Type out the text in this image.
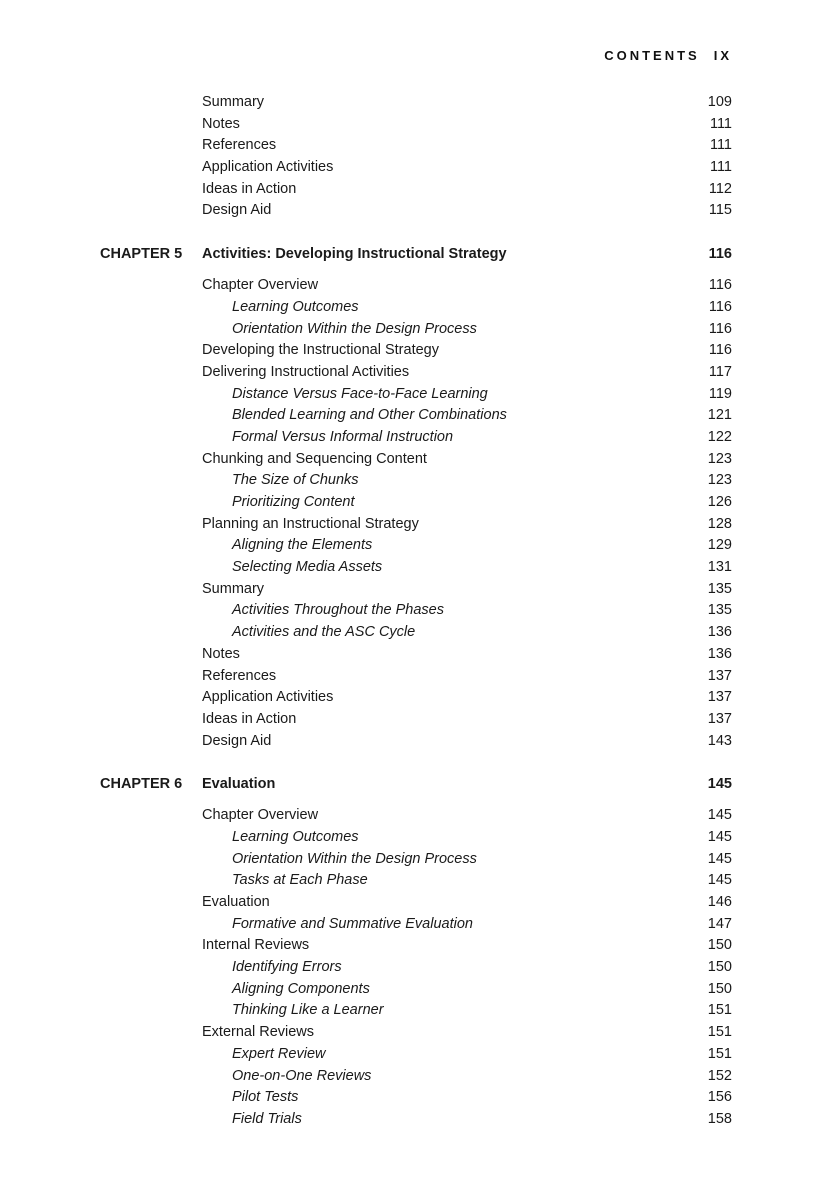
CONTENTS IX
Summary	109
Notes	111
References	111
Application Activities	111
Ideas in Action	112
Design Aid	115
CHAPTER 5 Activities: Developing Instructional Strategy	116
Chapter Overview	116
Learning Outcomes	116
Orientation Within the Design Process	116
Developing the Instructional Strategy	116
Delivering Instructional Activities	117
Distance Versus Face-to-Face Learning	119
Blended Learning and Other Combinations	121
Formal Versus Informal Instruction	122
Chunking and Sequencing Content	123
The Size of Chunks	123
Prioritizing Content	126
Planning an Instructional Strategy	128
Aligning the Elements	129
Selecting Media Assets	131
Summary	135
Activities Throughout the Phases	135
Activities and the ASC Cycle	136
Notes	136
References	137
Application Activities	137
Ideas in Action	137
Design Aid	143
CHAPTER 6 Evaluation	145
Chapter Overview	145
Learning Outcomes	145
Orientation Within the Design Process	145
Tasks at Each Phase	145
Evaluation	146
Formative and Summative Evaluation	147
Internal Reviews	150
Identifying Errors	150
Aligning Components	150
Thinking Like a Learner	151
External Reviews	151
Expert Review	151
One-on-One Reviews	152
Pilot Tests	156
Field Trials	158
